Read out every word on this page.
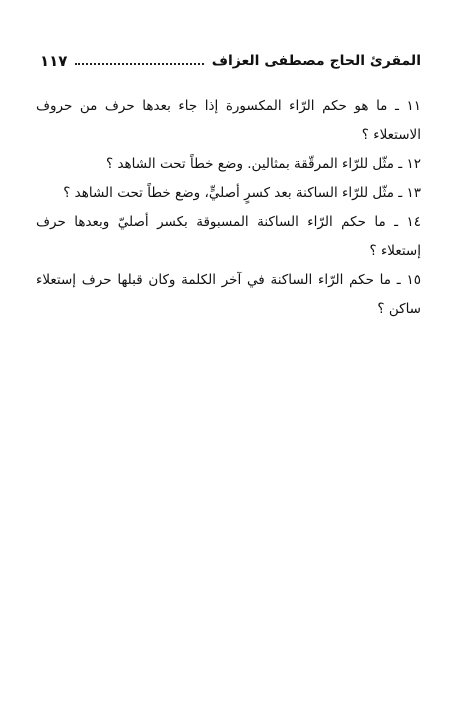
المقرئ الحاج مصطفى العزاف
١١٧
١١ ـ ما هو حكم الرّاء المكسورة إذا جاء بعدها حرف من حروف الاستعلاء ؟
١٢ ـ مثّل للرّاء المرقّقة بمثالين. وضع خطاً تحت الشاهد ؟
١٣ ـ مثّل للرّاء الساكنة بعد كسرٍ أصليٍّ، وضع خطاً تحت الشاهد ؟
١٤ ـ ما حكم الرّاء الساكنة المسبوقة بكسر أصليّ وبعدها حرف إستعلاء ؟
١٥ ـ ما حكم الرّاء الساكنة في آخر الكلمة وكان قبلها حرف إستعلاء ساكن ؟
